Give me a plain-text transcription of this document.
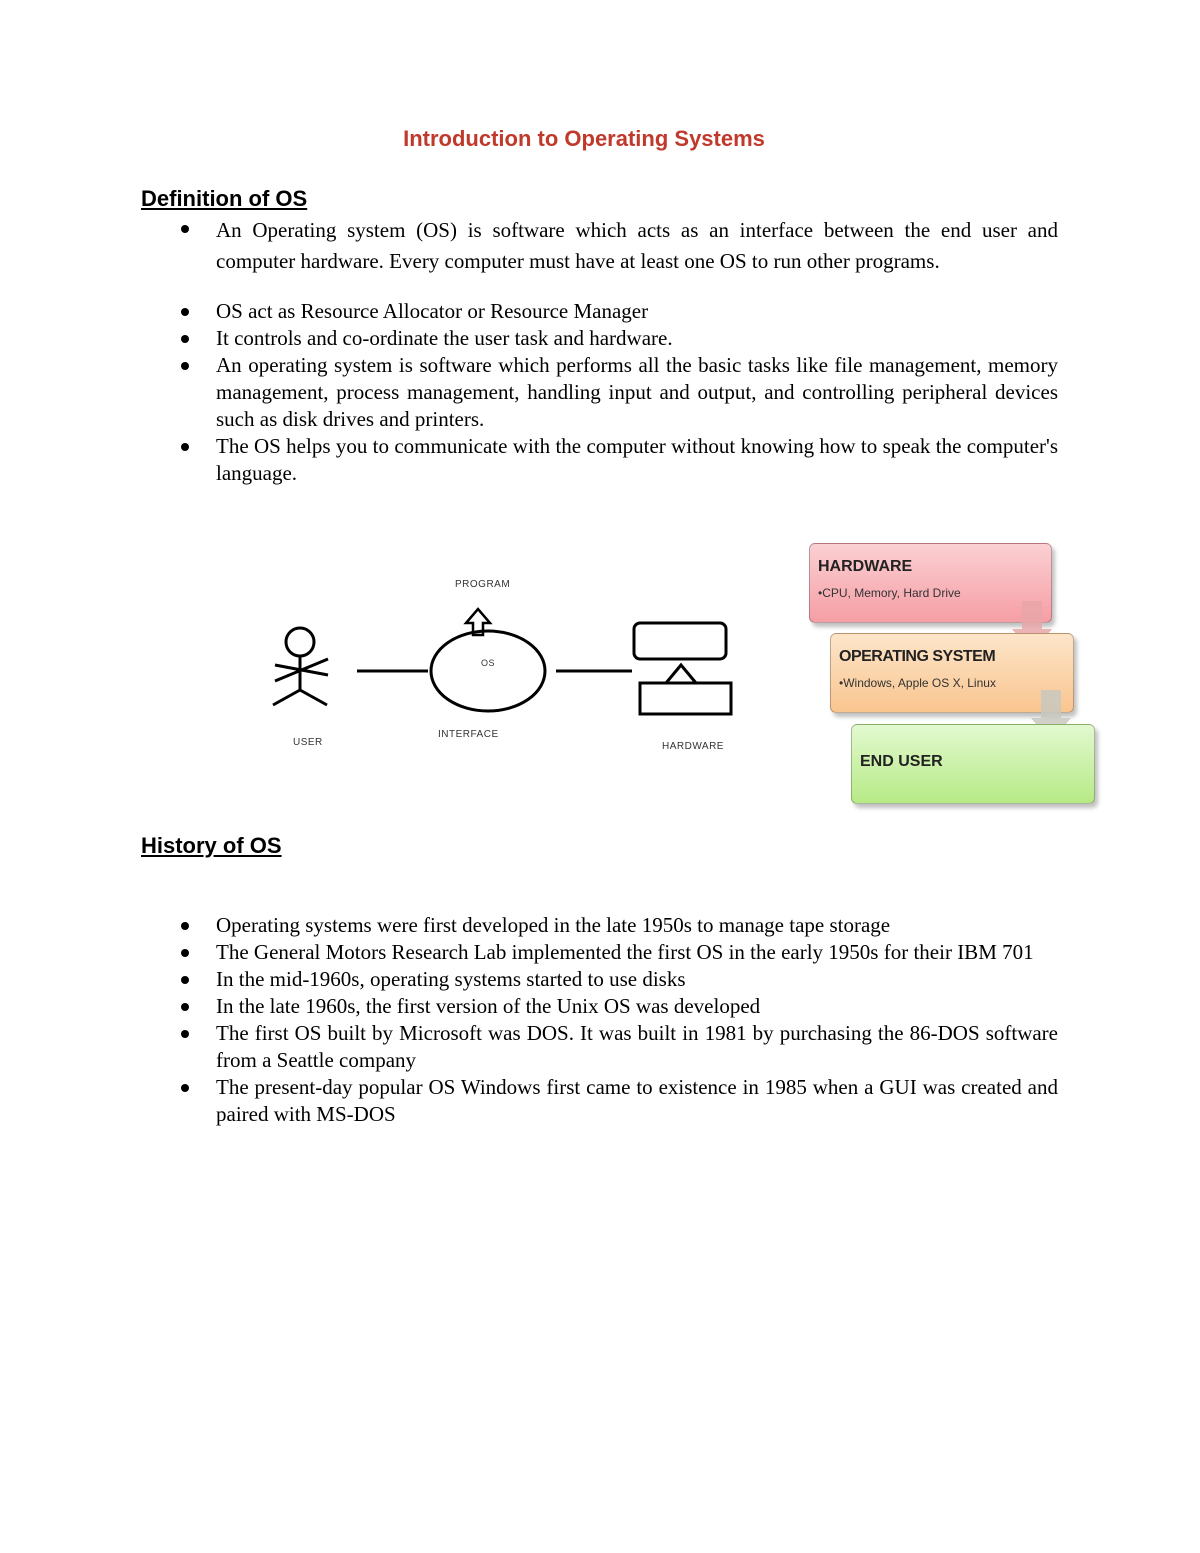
Introduction to Operating Systems
Definition of OS
An Operating system (OS) is software which acts as an interface between the end user and computer hardware. Every computer must have at least one OS to run other programs.
OS act as Resource Allocator or Resource Manager
It controls and co-ordinate the user task and hardware.
An operating system is software which performs all the basic tasks like file management, memory management, process management, handling input and output, and controlling peripheral devices such as disk drives and printers.
The OS helps you to communicate with the computer without knowing how to speak the computer's language.
PROGRAM
OS
USER
INTERFACE
HARDWARE
HARDWARE
•CPU, Memory, Hard Drive
OPERATING SYSTEM
•Windows, Apple OS X, Linux
END USER
History of OS
Operating systems were first developed in the late 1950s to manage tape storage
The General Motors Research Lab implemented the first OS in the early 1950s for their IBM 701
In the mid-1960s, operating systems started to use disks
In the late 1960s, the first version of the Unix OS was developed
The first OS built by Microsoft was DOS. It was built in 1981 by purchasing the 86-DOS software from a Seattle company
The present-day popular OS Windows first came to existence in 1985 when a GUI was created and paired with MS-DOS
